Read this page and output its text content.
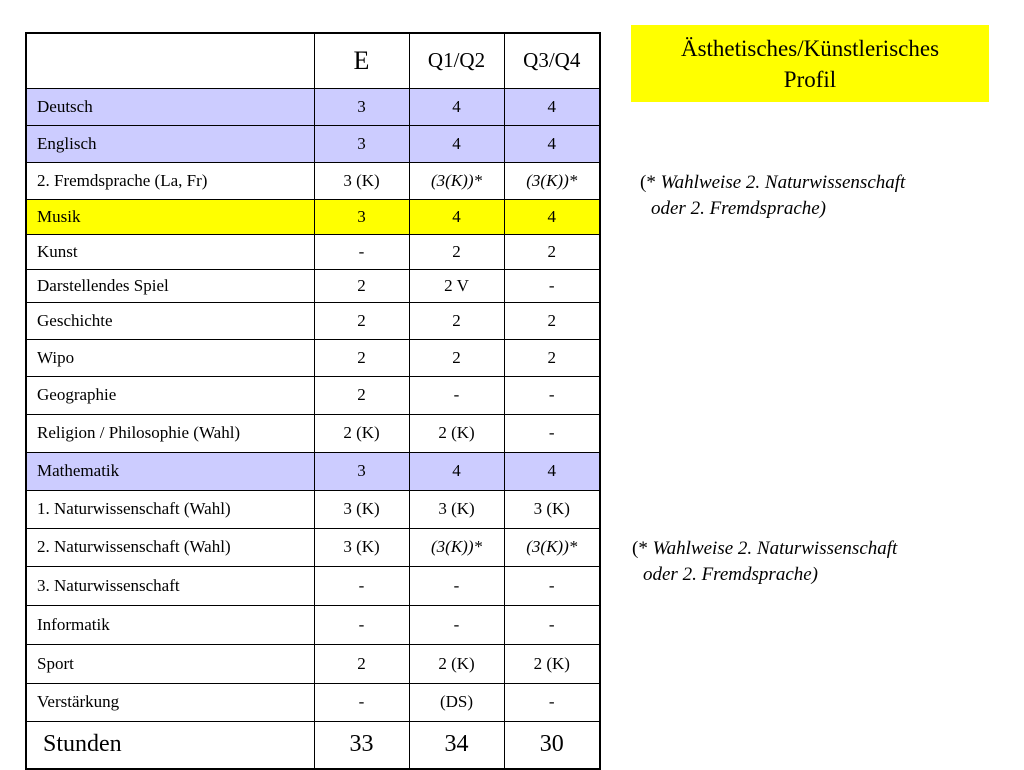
	E	Q1/Q2	Q3/Q4
Deutsch	3	4	4
Englisch	3	4	4
2. Fremdsprache (La, Fr)	3 (K)	(3(K))*	(3(K))*
Musik	3	4	4
Kunst	-	2	2
Darstellendes Spiel	2	2 V	-
Geschichte	2	2	2
Wipo	2	2	2
Geographie	2	-	-
Religion / Philosophie (Wahl)	2 (K)	2 (K)	-
Mathematik	3	4	4
1. Naturwissenschaft (Wahl)	3 (K)	3 (K)	3 (K)
2. Naturwissenschaft (Wahl)	3 (K)	(3(K))*	(3(K))*
3. Naturwissenschaft	-	-	-
Informatik	-	-	-
Sport	2	2 (K)	2 (K)
Verstärkung	-	(DS)	-
Stunden	33	34	30
Ästhetisches/Künstlerisches
Profil
(* Wahlweise 2. Naturwissenschaft
oder 2. Fremdsprache)
(* Wahlweise 2. Naturwissenschaft
oder 2. Fremdsprache)
